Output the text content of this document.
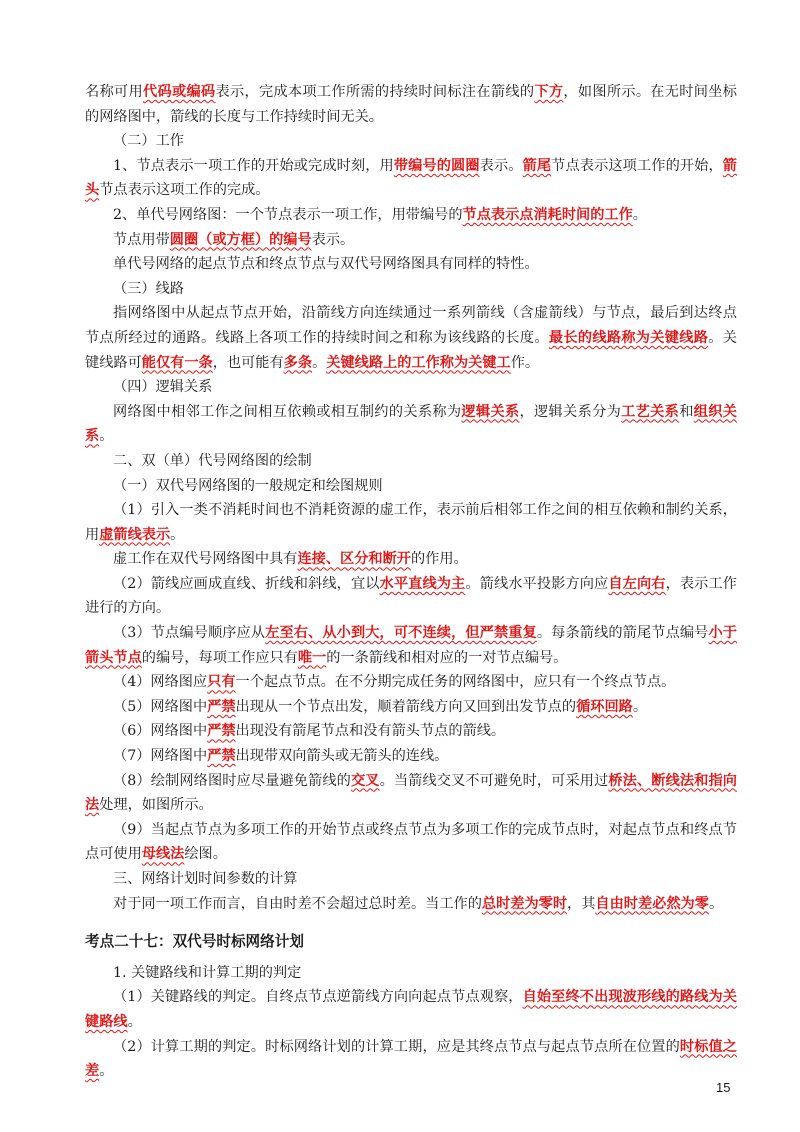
名称可用代码或编码表示，完成本项工作所需的持续时间标注在箭线的下方，如图所示。在无时间坐标的网络图中，箭线的长度与工作持续时间无关。

（二）工作

1、节点表示一项工作的开始或完成时刻，用带编号的圆圈表示。箭尾节点表示这项工作的开始，箭头节点表示这项工作的完成。

2、单代号网络图：一个节点表示一项工作，用带编号的节点表示点消耗时间的工作。

节点用带圆圈（或方框）的编号表示。

单代号网络的起点节点和终点节点与双代号网络图具有同样的特性。

（三）线路

指网络图中从起点节点开始，沿箭线方向连续通过一系列箭线（含虚箭线）与节点，最后到达终点节点所经过的通路。线路上各项工作的持续时间之和称为该线路的长度。最长的线路称为关键线路。关键线路可能仅有一条，也可能有多条。关键线路上的工作称为关键工作。

（四）逻辑关系

网络图中相邻工作之间相互依赖或相互制约的关系称为逻辑关系，逻辑关系分为工艺关系和组织关系。

二、双（单）代号网络图的绘制

（一）双代号网络图的一般规定和绘图规则

（1）引入一类不消耗时间也不消耗资源的虚工作，表示前后相邻工作之间的相互依赖和制约关系，用虚箭线表示。

虚工作在双代号网络图中具有连接、区分和断开的作用。

（2）箭线应画成直线、折线和斜线，宜以水平直线为主。箭线水平投影方向应自左向右，表示工作进行的方向。

（3）节点编号顺序应从左至右、从小到大，可不连续，但严禁重复。每条箭线的箭尾节点编号小于箭头节点的编号，每项工作应只有唯一的一条箭线和相对应的一对节点编号。

（4）网络图应只有一个起点节点。在不分期完成任务的网络图中，应只有一个终点节点。

（5）网络图中严禁出现从一个节点出发，顺着箭线方向又回到出发节点的循环回路。

（6）网络图中严禁出现没有箭尾节点和没有箭头节点的箭线。

（7）网络图中严禁出现带双向箭头或无箭头的连线。

（8）绘制网络图时应尽量避免箭线的交叉。当箭线交叉不可避免时，可采用过桥法、断线法和指向法处理，如图所示。

（9）当起点节点为多项工作的开始节点或终点节点为多项工作的完成节点时，对起点节点和终点节点可使用母线法绘图。

三、网络计划时间参数的计算

对于同一项工作而言，自由时差不会超过总时差。当工作的总时差为零时，其自由时差必然为零。

考点二十七：双代号时标网络计划

1. 关键路线和计算工期的判定

（1）关键路线的判定。自终点节点逆箭线方向向起点节点观察，自始至终不出现波形线的路线为关键路线。

（2）计算工期的判定。时标网络计划的计算工期，应是其终点节点与起点节点所在位置的时标值之差。

15
